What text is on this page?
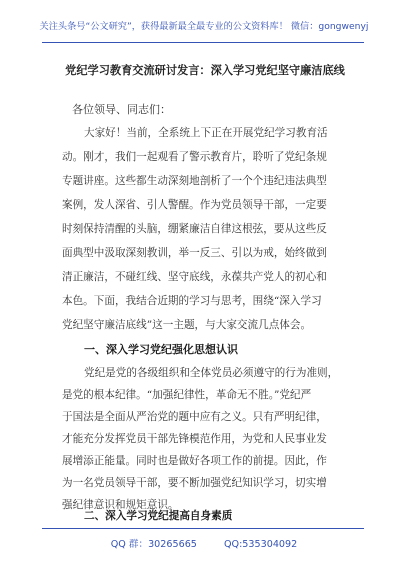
关注头条号“公文研究”，获得最新最全最专业的公文资料库！ 微信：gongwenyj
党纪学习教育交流研讨发言：深入学习党纪坚守廉洁底线
各位领导、同志们：
大家好！当前，全系统上下正在开展党纪学习教育活
动。刚才，我们一起观看了警示教育片，聆听了党纪条规
专题讲座。这些都生动深刻地剖析了一个个违纪违法典型
案例，发人深省、引人警醒。作为党员领导干部，一定要
时刻保持清醒的头脑，绷紧廉洁自律这根弦，要从这些反
面典型中汲取深刻教训，举一反三、引以为戒，始终做到
清正廉洁，不碰红线、坚守底线，永葆共产党人的初心和
本色。下面，我结合近期的学习与思考，围绕“深入学习
党纪坚守廉洁底线”这一主题，与大家交流几点体会。
一、深入学习党纪强化思想认识
党纪是党的各级组织和全体党员必须遵守的行为准则，
是党的根本纪律。“加强纪律性，革命无不胜。”党纪严
于国法是全面从严治党的题中应有之义。只有严明纪律，
才能充分发挥党员干部先锋模范作用，为党和人民事业发
展增添正能量。同时也是做好各项工作的前提。因此，作
为一名党员领导干部，要不断加强党纪知识学习，切实增
强纪律意识和规矩意识。
QQ 群：30265665	QQ:535304092
二、深入学习党纪提高自身素质
